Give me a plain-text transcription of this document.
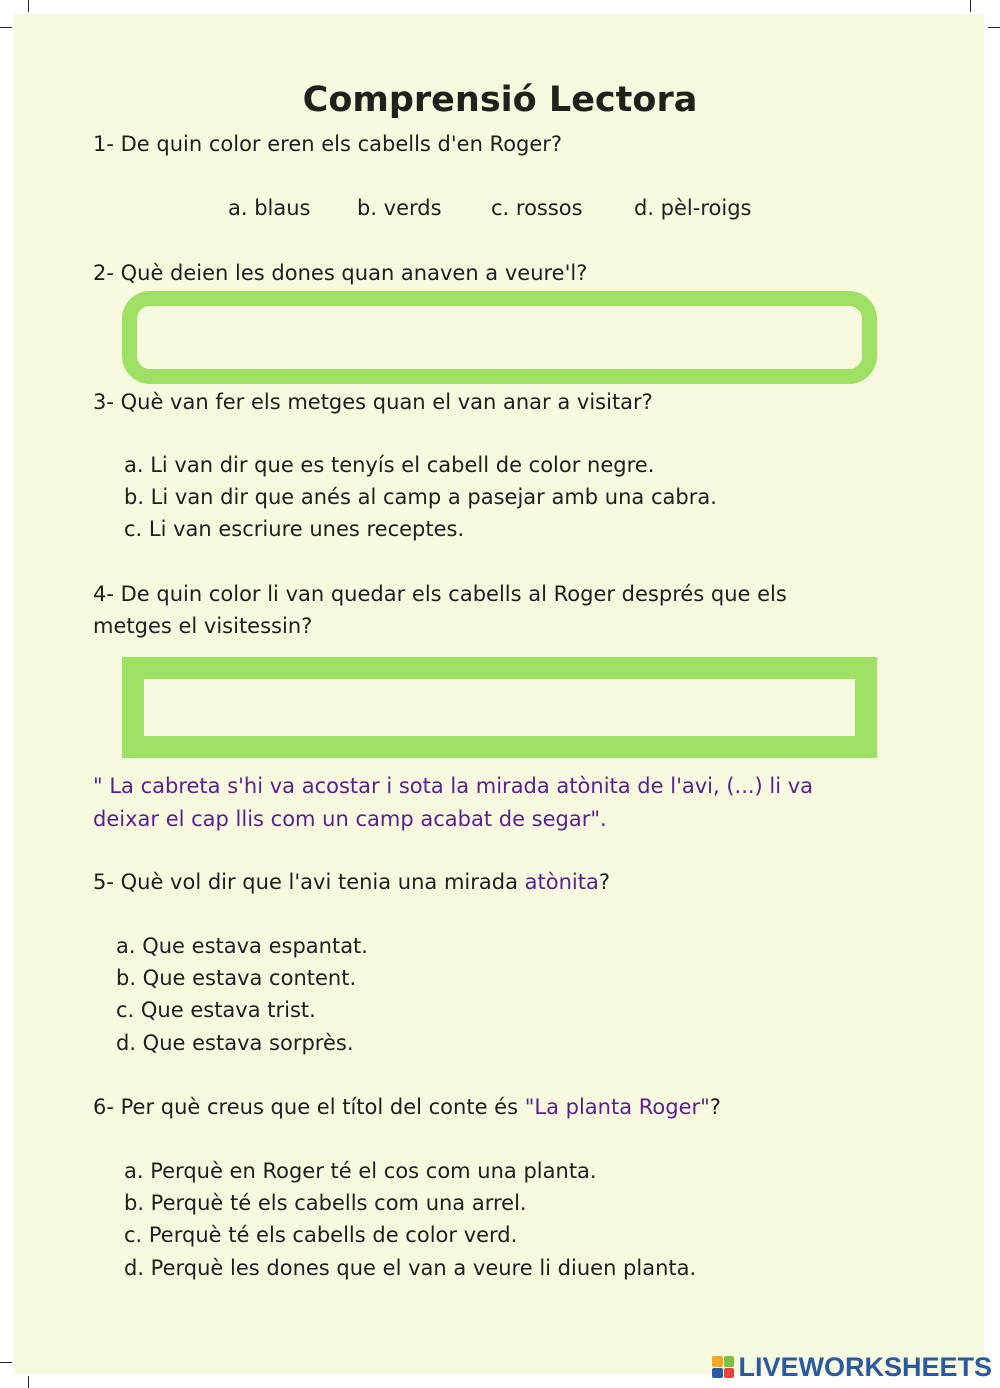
Comprensió Lectora
1- De quin color eren els cabells d'en Roger?
a. blaus b. verds c. rossos d. pèl-roigs
2- Què deien les dones quan anaven a veure'l?
3- Què van fer els metges quan el van anar a visitar?
a. Li van dir que es tenyís el cabell de color negre.
b. Li van dir que anés al camp a pasejar amb una cabra.
c. Li van escriure unes receptes.
4- De quin color li van quedar els cabells al Roger després que els
metges el visitessin?
" La cabreta s'hi va acostar i sota la mirada atònita de l'avi, (...) li va
deixar el cap llis com un camp acabat de segar".
5- Què vol dir que l'avi tenia una mirada atònita?
a. Que estava espantat.
b. Que estava content.
c. Que estava trist.
d. Que estava sorprès.
6- Per què creus que el títol del conte és "La planta Roger"?
a. Perquè en Roger té el cos com una planta.
b. Perquè té els cabells com una arrel.
c. Perquè té els cabells de color verd.
d. Perquè les dones que el van a veure li diuen planta.
LIVEWORKSHEETS
